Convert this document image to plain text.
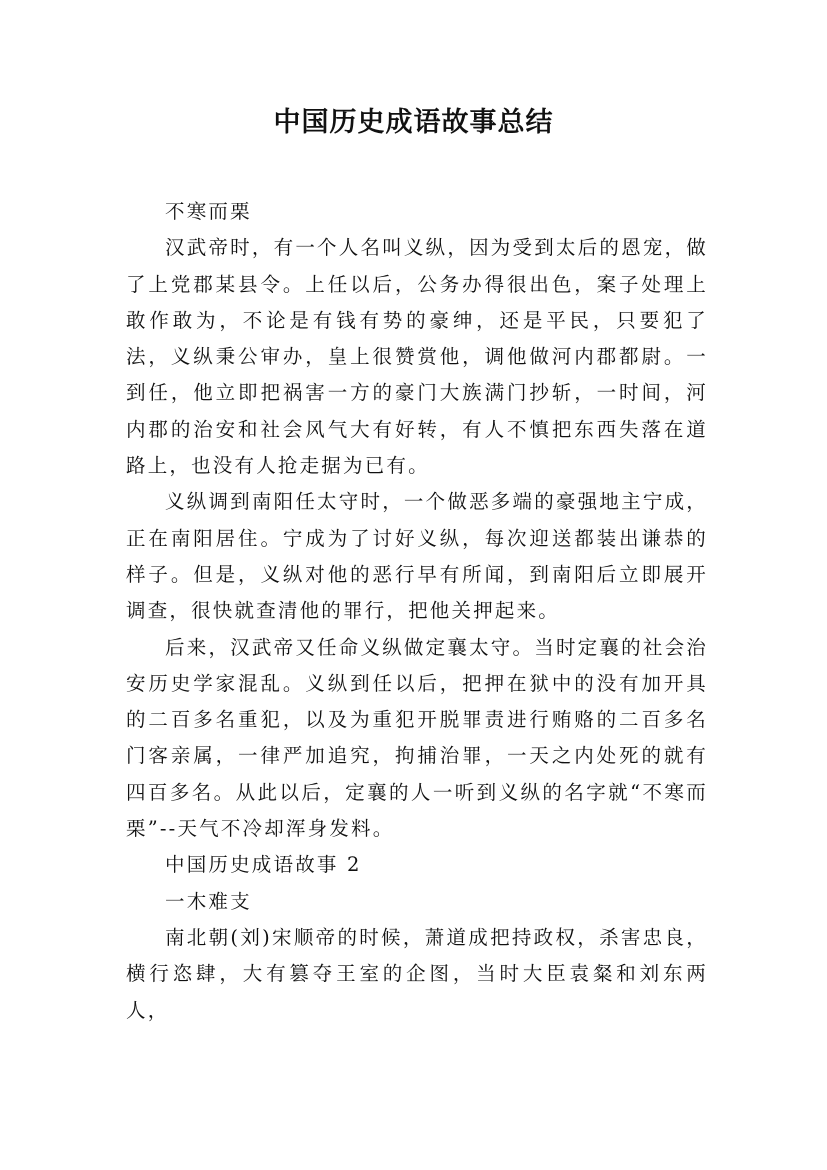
中国历史成语故事总结

不寒而栗

汉武帝时，有一个人名叫义纵，因为受到太后的恩宠，做了上党郡某县令。上任以后，公务办得很出色，案子处理上敢作敢为，不论是有钱有势的豪绅，还是平民，只要犯了法，义纵秉公审办，皇上很赞赏他，调他做河内郡都尉。一到任，他立即把祸害一方的豪门大族满门抄斩，一时间，河内郡的治安和社会风气大有好转，有人不慎把东西失落在道路上，也没有人抢走据为已有。

义纵调到南阳任太守时，一个做恶多端的豪强地主宁成，正在南阳居住。宁成为了讨好义纵，每次迎送都装出谦恭的样子。但是，义纵对他的恶行早有所闻，到南阳后立即展开调查，很快就查清他的罪行，把他关押起来。

后来，汉武帝又任命义纵做定襄太守。当时定襄的社会治安历史学家混乱。义纵到任以后，把押在狱中的没有加开具的二百多名重犯，以及为重犯开脱罪责进行贿赂的二百多名门客亲属，一律严加追究，拘捕治罪，一天之内处死的就有四百多名。从此以后，定襄的人一听到义纵的名字就“不寒而栗”--天气不冷却浑身发料。

中国历史成语故事 2

一木难支

南北朝(刘)宋顺帝的时候，萧道成把持政权，杀害忠良，横行恣肆，大有篡夺王室的企图，当时大臣袁粲和刘东两人，
